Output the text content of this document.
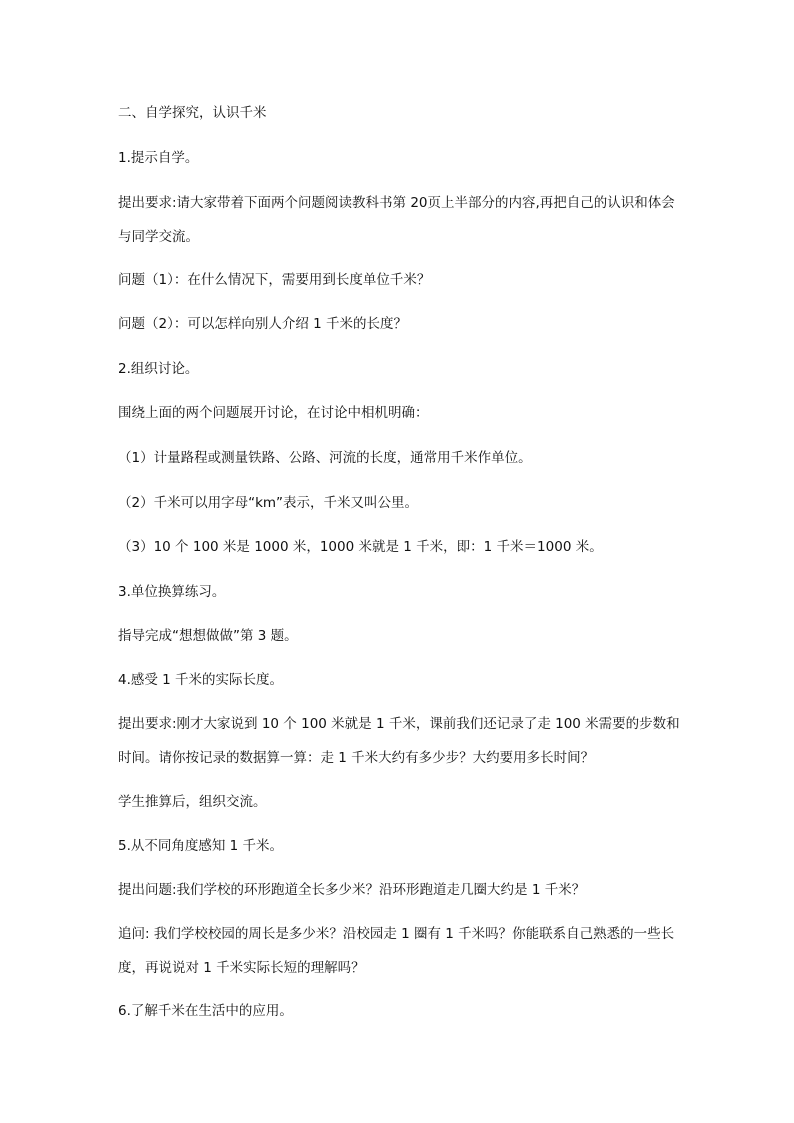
二、自学探究，认识千米

1.提示自学。

提出要求:请大家带着下面两个问题阅读教科书第 20页上半部分的内容,再把自己的认识和体会与同学交流。

问题（1）：在什么情况下，需要用到长度单位千米？

问题（2）：可以怎样向别人介绍 1 千米的长度？

2.组织讨论。

围绕上面的两个问题展开讨论，在讨论中相机明确：

（1）计量路程或测量铁路、公路、河流的长度，通常用千米作单位。

（2）千米可以用字母“km”表示，千米又叫公里。

（3）10 个 100 米是 1000 米，1000 米就是 1 千米，即：1 千米＝1000 米。

3.单位换算练习。

指导完成“想想做做”第 3 题。

4.感受 1 千米的实际长度。

提出要求:刚才大家说到 10 个 100 米就是 1 千米，课前我们还记录了走 100 米需要的步数和时间。请你按记录的数据算一算：走 1 千米大约有多少步？大约要用多长时间？

学生推算后，组织交流。

5.从不同角度感知 1 千米。

提出问题:我们学校的环形跑道全长多少米？沿环形跑道走几圈大约是 1 千米？

追问: 我们学校校园的周长是多少米？沿校园走 1 圈有 1 千米吗？你能联系自己熟悉的一些长度，再说说对 1 千米实际长短的理解吗？

6.了解千米在生活中的应用。
